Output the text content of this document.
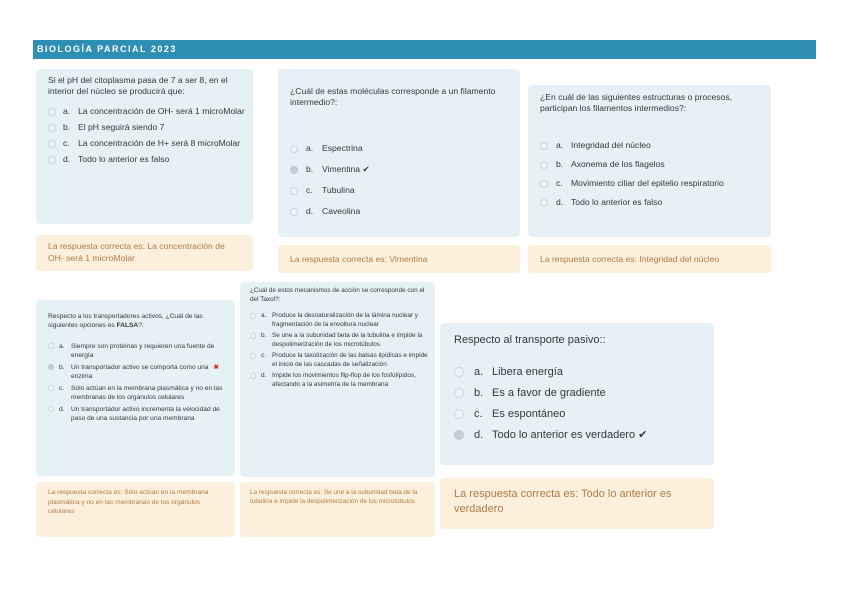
BIOLOGÍA PARCIAL 2023

Si el pH del citoplasma pasa de 7 a ser 8, en el interior del núcleo se producirá que:

a. La concentración de OH- será 1 microMolar
b. El pH seguirá siendo 7
c. La concentración de H+ será 8 microMolar
d. Todo lo anterior es falso
La respuesta correcta es: La concentración de OH- será 1 microMolar

¿Cuál de estas moléculas corresponde a un filamento intermedio?:

a.	Espectrina
b.	Vimentina ✔
c.	Tubulina
d.	Caveolina
La respuesta correcta es: Vimentina

¿En cuál de las siguientes estructuras o procesos, participan los filamentos intermedios?:

a. Integridad del núcleo
b. Axonema de los flagelos
c. Movimiento ciliar del epitelio respiratorio
d. Todo lo anterior es falso
La respuesta correcta es: Integridad del núcleo

Respecto a los transportadores activos, ¿Cuál de las siguientes opciones es FALSA?:

a. Siempre son proteínas y requieren una fuente de energía
b. Un transportador activo se comporta como una enzima
✖
c.	Sólo actúan en la membrana plasmática y no en las membranas de los orgánulos celulares
d. Un transportador activo incrementa la velocidad de paso de una sustancia por una membrana
La respuesta correcta es: Sólo actúan en la membrana plasmática y no en las membranas de los orgánulos celulares

¿Cuál de estos mecanismos de acción se corresponde con el del Taxol?:

a. Produce la desnaturalización de la lámina nuclear y fragmentación de la envoltura nuclear
b. Se une a la subunidad beta de la tubulina e impide la despolimerización de los microtúbulos
c. Produce la taxolización de las balsas lipídicas e impide el inicio de las cascadas de señalización
d. Impide los movimientos flip-flop de los fosfolípidos, afectando a la asimetría de la membrana
La respuesta correcta es: Se une a la subunidad beta de la tubulina e impide la despolimerización de los microtúbulos

Respecto al transporte pasivo::

a. Libera energía
b. Es a favor de gradiente
c. Es espontáneo
d. Todo lo anterior es verdadero ✔
La respuesta correcta es: Todo lo anterior es verdadero
